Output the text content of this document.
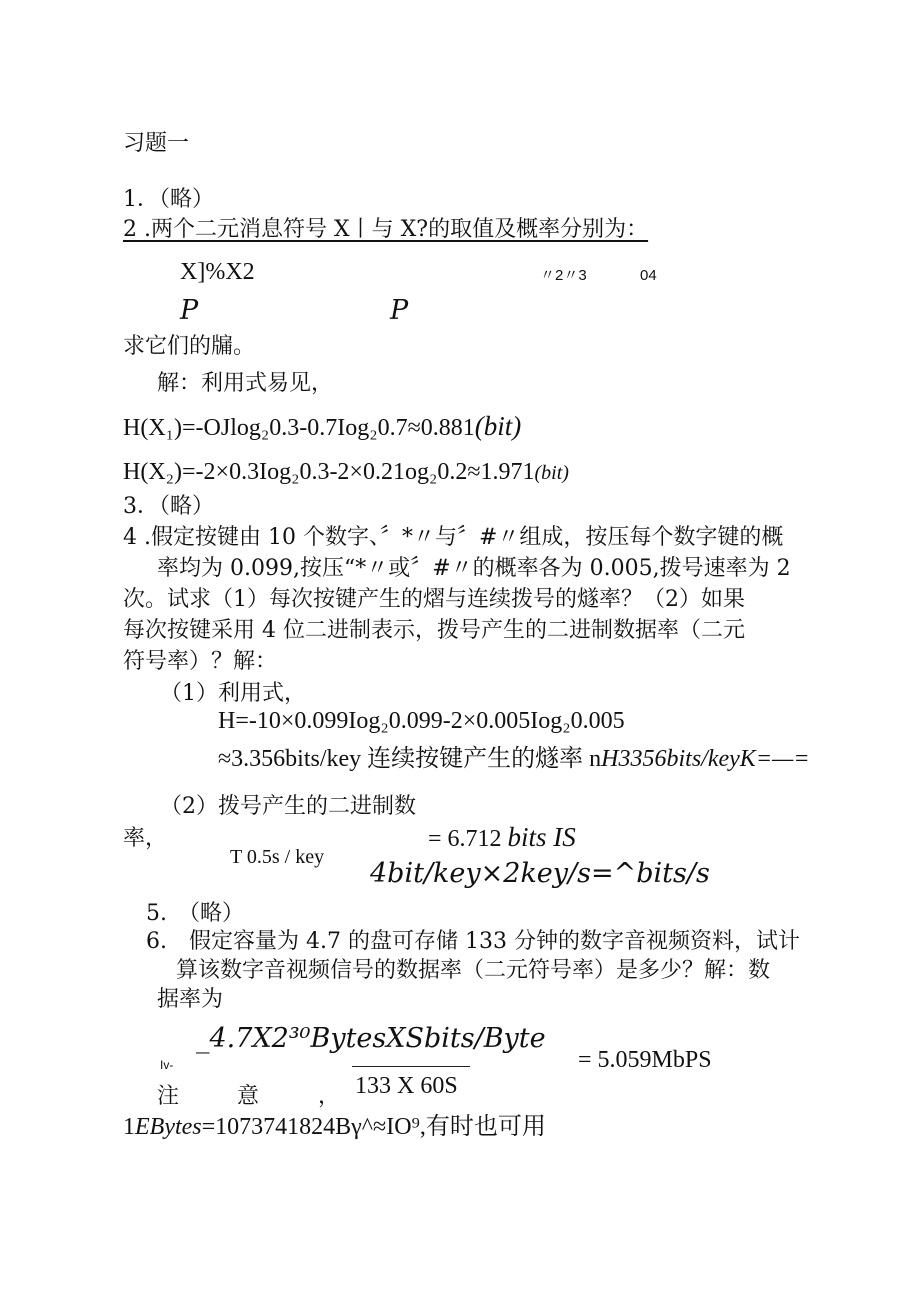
习题一
1．（略）
2 .两个二元消息符号 X丨与 X?的取值及概率分别为：
X]%X2	〃2〃3	04
P	P
求它们的牖。
解：利用式易见，
H(X₁)=-OJlog₂0.3-0.7Iog₂0.7≈0.881(bit)
H(X₂)=-2×0.3Iog₂0.3-2×0.21og₂0.2≈1.971(bit)
3．（略）
4 .假定按键由 10 个数字、〞*〃与〞#〃组成，按压每个数字键的概
率均为 0.099,按压“*〃或〞#〃的概率各为 0.005,拨号速率为 2
次。试求（1）每次按键产生的熠与连续拨号的燧率？（2）如果
每次按键采用 4 位二进制表示，拨号产生的二进制数据率（二元
符号率）？解：
（1）利用式，
H=-10×0.099Iog₂0.099-2×0.005Iog₂0.005
≈3.356bits/key 连续按键产生的燧率 nH3356bits/keyK=—=
（2）拨号产生的二进制数
率，	= 6.712 bits IS
T 0.5s / key
4bit/key×2key/s=^bits/s
5.　（略）
6.　假定容量为 4.7 的盘可存储 133 分钟的数字音视频资料，试计
算该数字音视频信号的数据率（二元符号率）是多少？解：数
据率为
_4.7X2³⁰BytesXSbits/Byte
Iv-	= 5.059MbPS
133 X 60S
注	意	，
1EBytes=1073741824Bγ^≈IO⁹,有时也可用
